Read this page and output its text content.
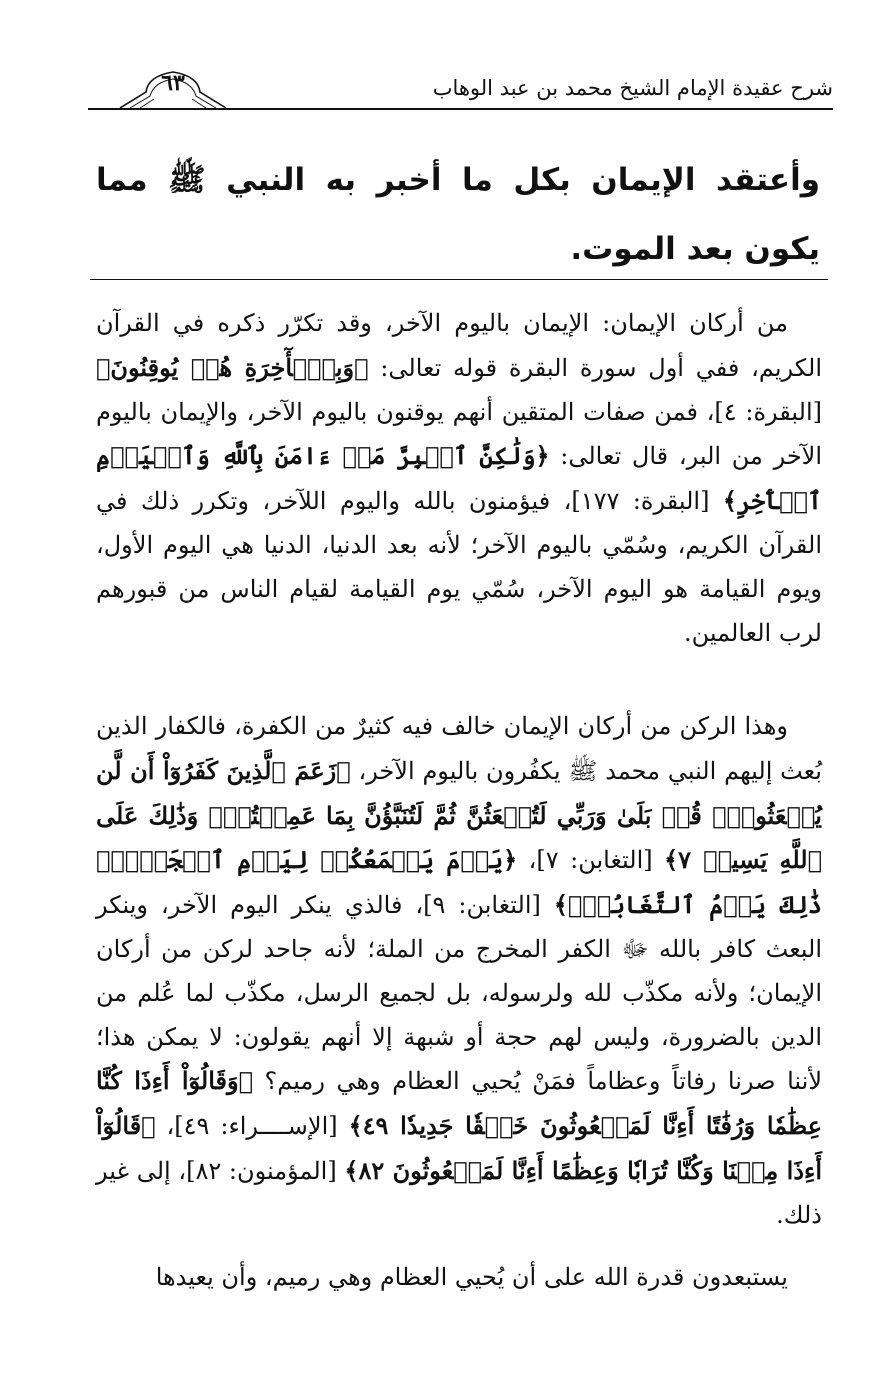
شرح عقيدة الإمام الشيخ محمد بن عبد الوهاب
٦٣
وأعتقد الإيمان بكل ما أخبر به النبي ﷺ مما يكون بعد الموت.
من أركان الإيمان: الإيمان باليوم الآخر، وقد تكرّر ذكره في القرآن الكريم، ففي أول سورة البقرة قوله تعالى: ﴿وَبِٱلۡأٓخِرَةِ هُمۡ يُوقِنُونَ﴾ [البقرة: ٤]، فمن صفات المتقين أنهم يوقنون باليوم الآخر، والإيمان باليوم الآخر من البر، قال تعالى: ﴿وَلَٰكِنَّ ٱلۡبِرَّ مَنۡ ءَامَنَ بِٱللَّهِ وَٱلۡيَوۡمِ ٱلۡأٓخِرِ﴾ [البقرة: ١٧٧]، فيؤمنون بالله واليوم اللآخر، وتكرر ذلك في القرآن الكريم، وسُمّي باليوم الآخر؛ لأنه بعد الدنيا، الدنيا هي اليوم الأول، ويوم القيامة هو اليوم الآخر، سُمّي يوم القيامة لقيام الناس من قبورهم لرب العالمين.
وهذا الركن من أركان الإيمان خالف فيه كثيرٌ من الكفرة، فالكفار الذين بُعث إليهم النبي محمد ﷺ يكفُرون باليوم الآخر، ﴿زَعَمَ ٱلَّذِينَ كَفَرُوٓاْ أَن لَّن يُبۡعَثُواْۚ قُلۡ بَلَىٰ وَرَبِّي لَتُبۡعَثُنَّ ثُمَّ لَتُنَبَّؤُنَّ بِمَا عَمِلۡتُمۡۚ وَذَٰلِكَ عَلَى ٱللَّهِ يَسِيرٞ ٧﴾ [التغابن: ٧]، ﴿يَوۡمَ يَجۡمَعُكُمۡ لِيَوۡمِ ٱلۡجَمۡعِۖ ذَٰلِكَ يَوۡمُ ٱلتَّغَابُنِۗ﴾ [التغابن: ٩]، فالذي ينكر اليوم الآخر، وينكر البعث كافر بالله ﷻ الكفر المخرج من الملة؛ لأنه جاحد لركن من أركان الإيمان؛ ولأنه مكذّب لله ولرسوله، بل لجميع الرسل، مكذّب لما عُلم من الدين بالضرورة، وليس لهم حجة أو شبهة إلا أنهم يقولون: لا يمكن هذا؛ لأننا صرنا رفاتاً وعظاماً فمَنْ يُحيي العظام وهي رميم؟ ﴿وَقَالُوٓاْ أَءِذَا كُنَّا عِظَٰمٗا وَرُفَٰتًا أَءِنَّا لَمَبۡعُوثُونَ خَلۡقٗا جَدِيدٗا ٤٩﴾ [الإســــراء: ٤٩]، ﴿قَالُوٓاْ أَءِذَا مِتۡنَا وَكُنَّا تُرَابٗا وَعِظَٰمًا أَءِنَّا لَمَبۡعُوثُونَ ٨٢﴾ [المؤمنون: ٨٢]، إلى غير ذلك.
يستبعدون قدرة الله على أن يُحيي العظام وهي رميم، وأن يعيدها
